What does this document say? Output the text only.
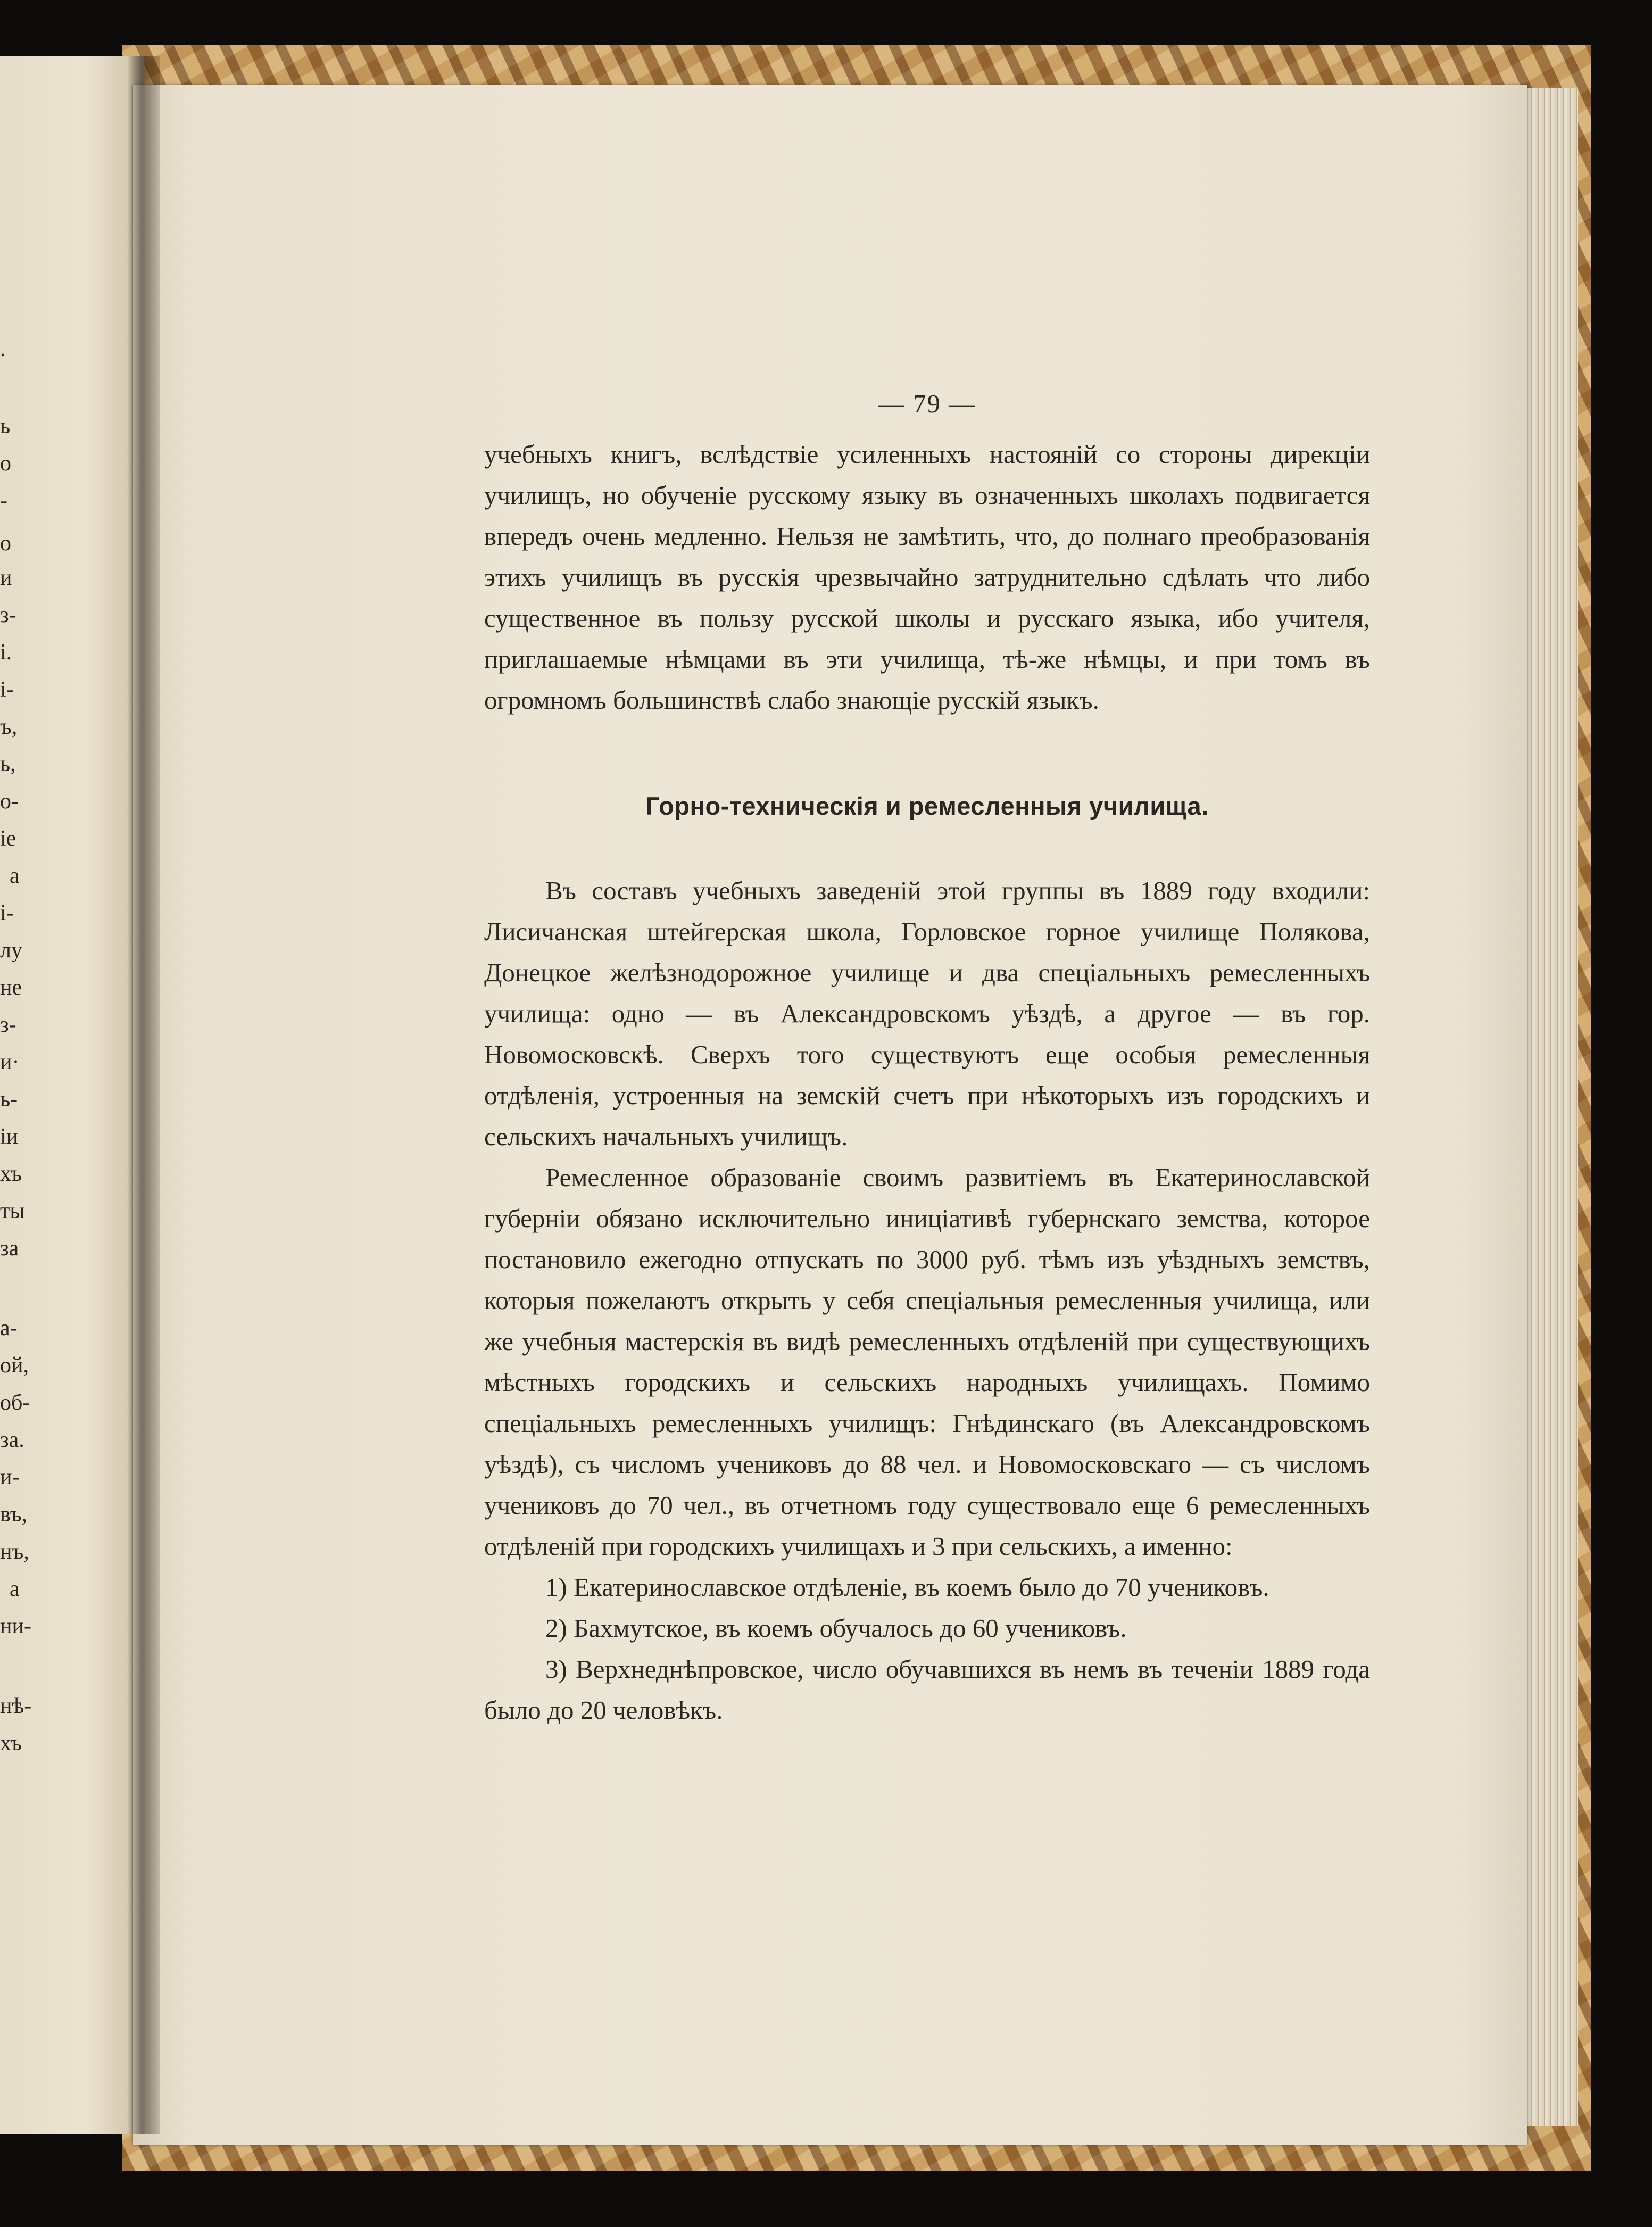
.
ь
о
-
о
и
з-
і.
і-
ъ,
ь,
о-
іе
а
і-
лу
не
з-
и·
ь-
іи
хъ
ты
за
а-
ой,
об-
за.
и-
въ,
нъ,
а
ни-
нѣ-
хъ
— 79 —

учебныхъ книгъ, вслѣдствіе усиленныхъ настояній со стороны дирекціи училищъ, но обученіе русскому языку въ означенныхъ школахъ подвигается впередъ очень медленно. Нельзя не замѣтить, что, до полнаго преобразованія этихъ училищъ въ русскія чрезвычайно затруднительно сдѣлать что либо существенное въ пользу русской школы и русскаго языка, ибо учителя, приглашаемые нѣмцами въ эти училища, тѣ-же нѣмцы, и при томъ въ огромномъ большинствѣ слабо знающіе русскій языкъ.

Горно-техническія и ремесленныя училища.

Въ составъ учебныхъ заведеній этой группы въ 1889 году входили: Лисичанская штейгерская школа, Горловское горное училище Полякова, Донецкое желѣзнодорожное училище и два спеціальныхъ ремесленныхъ училища: одно — въ Александровскомъ уѣздѣ, а другое — въ гор. Новомосковскѣ. Сверхъ того существуютъ еще особыя ремесленныя отдѣленія, устроенныя на земскій счетъ при нѣкоторыхъ изъ городскихъ и сельскихъ начальныхъ училищъ.

Ремесленное образованіе своимъ развитіемъ въ Екатеринославской губерніи обязано исключительно иниціативѣ губернскаго земства, которое постановило ежегодно отпускать по 3000 руб. тѣмъ изъ уѣздныхъ земствъ, которыя пожелаютъ открыть у себя спеціальныя ремесленныя училища, или же учебныя мастерскія въ видѣ ремесленныхъ отдѣленій при существующихъ мѣстныхъ городскихъ и сельскихъ народныхъ училищахъ. Помимо спеціальныхъ ремесленныхъ училищъ: Гнѣдинскаго (въ Александровскомъ уѣздѣ), съ числомъ учениковъ до 88 чел. и Новомосковскаго — съ числомъ учениковъ до 70 чел., въ отчетномъ году существовало еще 6 ремесленныхъ отдѣленій при городскихъ училищахъ и 3 при сельскихъ, а именно:

1) Екатеринославское отдѣленіе, въ коемъ было до 70 учениковъ.

2) Бахмутское, въ коемъ обучалось до 60 учениковъ.

3) Верхнеднѣпровское, число обучавшихся въ немъ въ теченіи 1889 года было до 20 человѣкъ.
